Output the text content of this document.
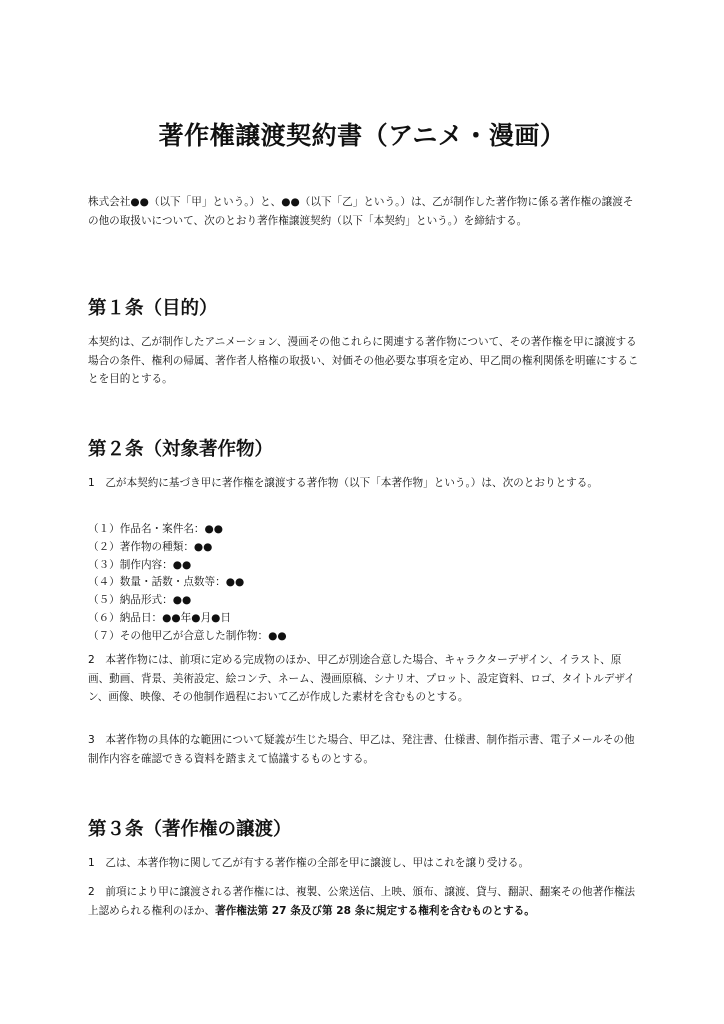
著作権譲渡契約書（アニメ・漫画）
株式会社●●（以下「甲」という。）と、●●（以下「乙」という。）は、乙が制作した著作物に係る著作権の譲渡その他の取扱いについて、次のとおり著作権譲渡契約（以下「本契約」という。）を締結する。
第１条（目的）
本契約は、乙が制作したアニメーション、漫画その他これらに関連する著作物について、その著作権を甲に譲渡する場合の条件、権利の帰属、著作者人格権の取扱い、対価その他必要な事項を定め、甲乙間の権利関係を明確にすることを目的とする。
第２条（対象著作物）
1　乙が本契約に基づき甲に著作権を譲渡する著作物（以下「本著作物」という。）は、次のとおりとする。
（１）作品名・案件名：●●
（２）著作物の種類：●●
（３）制作内容：●●
（４）数量・話数・点数等：●●
（５）納品形式：●●
（６）納品日：●●年●月●日
（７）その他甲乙が合意した制作物：●●
2　本著作物には、前項に定める完成物のほか、甲乙が別途合意した場合、キャラクターデザイン、イラスト、原画、動画、背景、美術設定、絵コンテ、ネーム、漫画原稿、シナリオ、プロット、設定資料、ロゴ、タイトルデザイン、画像、映像、その他制作過程において乙が作成した素材を含むものとする。
3　本著作物の具体的な範囲について疑義が生じた場合、甲乙は、発注書、仕様書、制作指示書、電子メールその他制作内容を確認できる資料を踏まえて協議するものとする。
第３条（著作権の譲渡）
1　乙は、本著作物に関して乙が有する著作権の全部を甲に譲渡し、甲はこれを譲り受ける。
2　前項により甲に譲渡される著作権には、複製、公衆送信、上映、頒布、譲渡、貸与、翻訳、翻案その他著作権法上認められる権利のほか、著作権法第 27 条及び第 28 条に規定する権利を含むものとする。
